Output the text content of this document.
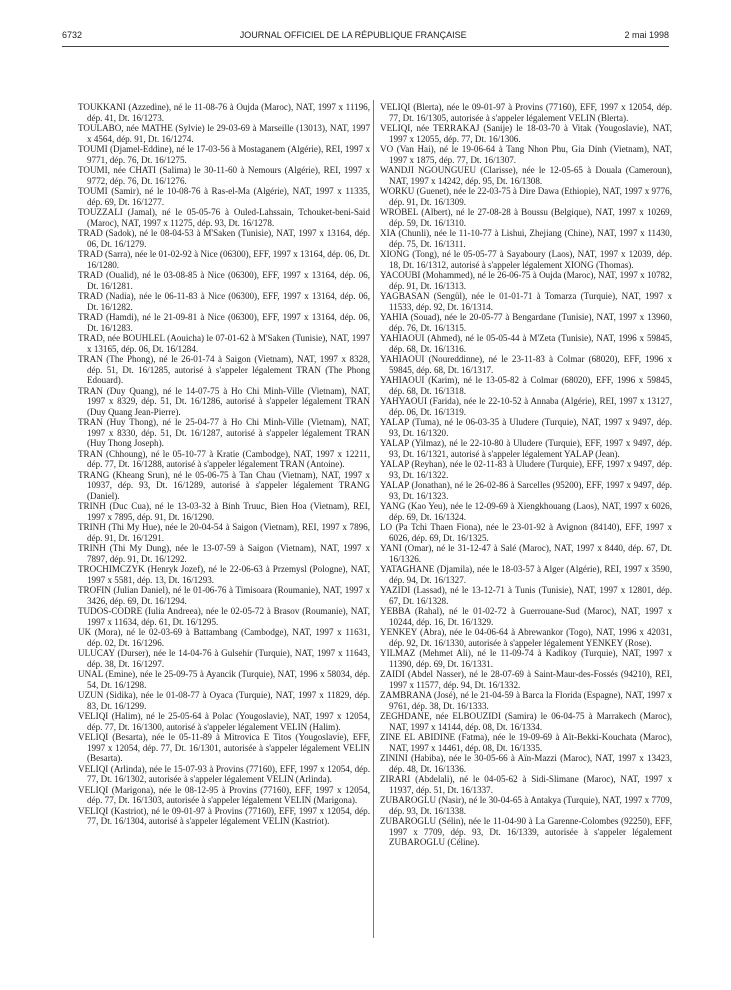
6732	JOURNAL OFFICIEL DE LA RÉPUBLIQUE FRANÇAISE	2 mai 1998

TOUKKANI (Azzedine), né le 11-08-76 à Oujda (Maroc), NAT, 1997 x 11196, dép. 41, Dt. 16/1273.

TOULABO, née MATHE (Sylvie) le 29-03-69 à Marseille (13013), NAT, 1997 x 4564, dép. 91, Dt. 16/1274.

TOUMI (Djamel-Eddine), né le 17-03-56 à Mostaganem (Algérie), REI, 1997 x 9771, dép. 76, Dt. 16/1275.

TOUMI, née CHATI (Salima) le 30-11-60 à Nemours (Algérie), REI, 1997 x 9772, dép. 76, Dt. 16/1276.

TOUMI (Samir), né le 10-08-76 à Ras-el-Ma (Algérie), NAT, 1997 x 11335, dép. 69, Dt. 16/1277.

TOUZZALI (Jamal), né le 05-05-76 à Ouled-Lahssain, Tchouket-beni-Said (Maroc), NAT, 1997 x 11275, dép. 93, Dt. 16/1278.

TRAD (Sadok), né le 08-04-53 à M'Saken (Tunisie), NAT, 1997 x 13164, dép. 06, Dt. 16/1279.

TRAD (Sarra), née le 01-02-92 à Nice (06300), EFF, 1997 x 13164, dép. 06, Dt. 16/1280.

TRAD (Oualid), né le 03-08-85 à Nice (06300), EFF, 1997 x 13164, dép. 06, Dt. 16/1281.

TRAD (Nadia), née le 06-11-83 à Nice (06300), EFF, 1997 x 13164, dép. 06, Dt. 16/1282.

TRAD (Hamdi), né le 21-09-81 à Nice (06300), EFF, 1997 x 13164, dép. 06, Dt. 16/1283.

TRAD, née BOUHLEL (Aouicha) le 07-01-62 à M'Saken (Tunisie), NAT, 1997 x 13165, dép. 06, Dt. 16/1284.

TRAN (The Phong), né le 26-01-74 à Saigon (Vietnam), NAT, 1997 x 8328, dép. 51, Dt. 16/1285, autorisé à s'appeler légalement TRAN (The Phong Edouard).

TRAN (Duy Quang), né le 14-07-75 à Ho Chi Minh-Ville (Vietnam), NAT, 1997 x 8329, dép. 51, Dt. 16/1286, autorisé à s'appeler légalement TRAN (Duy Quang Jean-Pierre).

TRAN (Huy Thong), né le 25-04-77 à Ho Chi Minh-Ville (Vietnam), NAT, 1997 x 8330, dép. 51, Dt. 16/1287, autorisé à s'appeler légalement TRAN (Huy Thong Joseph).

TRAN (Chhoung), né le 05-10-77 à Kratie (Cambodge), NAT, 1997 x 12211, dép. 77, Dt. 16/1288, autorisé à s'appeler légalement TRAN (Antoine).

TRANG (Kheang Srun), né le 05-06-75 à Tan Chau (Vietnam), NAT, 1997 x 10937, dép. 93, Dt. 16/1289, autorisé à s'appeler légalement TRANG (Daniel).

TRINH (Duc Cua), né le 13-03-32 à Binh Truuc, Bien Hoa (Vietnam), REI, 1997 x 7895, dép. 91, Dt. 16/1290.

TRINH (Thi My Hue), née le 20-04-54 à Saigon (Vietnam), REI, 1997 x 7896, dép. 91, Dt. 16/1291.

TRINH (Thi My Dung), née le 13-07-59 à Saigon (Vietnam), NAT, 1997 x 7897, dép. 91, Dt. 16/1292.

TROCHIMCZYK (Henryk Jozef), né le 22-06-63 à Przemysl (Pologne), NAT, 1997 x 5581, dép. 13, Dt. 16/1293.

TROFIN (Julian Daniel), né le 01-06-76 à Timisoara (Roumanie), NAT, 1997 x 3426, dép. 69, Dt. 16/1294.

TUDOS-CODRE (Iulia Andreea), née le 02-05-72 à Brasov (Roumanie), NAT, 1997 x 11634, dép. 61, Dt. 16/1295.

UK (Mora), né le 02-03-69 à Battambang (Cambodge), NAT, 1997 x 11631, dép. 02, Dt. 16/1296.

ULUCAY (Durser), née le 14-04-76 à Gulsehir (Turquie), NAT, 1997 x 11643, dép. 38, Dt. 16/1297.

UNAL (Emine), née le 25-09-75 à Ayancik (Turquie), NAT, 1996 x 58034, dép. 54, Dt. 16/1298.

UZUN (Sidika), née le 01-08-77 à Oyaca (Turquie), NAT, 1997 x 11829, dép. 83, Dt. 16/1299.

VELIQI (Halim), né le 25-05-64 à Polac (Yougoslavie), NAT, 1997 x 12054, dép. 77, Dt. 16/1300, autorisé à s'appeler légalement VELIN (Halim).

VELIQI (Besarta), née le 05-11-89 à Mitrovica E Titos (Yougoslavie), EFF, 1997 x 12054, dép. 77, Dt. 16/1301, autorisée à s'appeler légalement VELIN (Besarta).

VELIQI (Arlinda), née le 15-07-93 à Provins (77160), EFF, 1997 x 12054, dép. 77, Dt. 16/1302, autorisée à s'appeler légalement VELIN (Arlinda).

VELIQI (Marigona), née le 08-12-95 à Provins (77160), EFF, 1997 x 12054, dép. 77, Dt. 16/1303, autorisée à s'appeler légalement VELIN (Marigona).

VELIQI (Kastriot), né le 09-01-97 à Provins (77160), EFF, 1997 x 12054, dép. 77, Dt. 16/1304, autorisé à s'appeler légalement VELIN (Kastriot).

VELIQI (Blerta), née le 09-01-97 à Provins (77160), EFF, 1997 x 12054, dép. 77, Dt. 16/1305, autorisée à s'appeler légalement VELIN (Blerta).

VELIQI, née TERRAKAJ (Sanije) le 18-03-70 à Vitak (Yougoslavie), NAT, 1997 x 12055, dép. 77, Dt. 16/1306.

VO (Van Hai), né le 19-06-64 à Tang Nhon Phu, Gia Dinh (Vietnam), NAT, 1997 x 1875, dép. 77, Dt. 16/1307.

WANDJI NGOUNGUEU (Clarisse), née le 12-05-65 à Douala (Cameroun), NAT, 1997 x 14242, dép. 95, Dt. 16/1308.

WORKU (Guenet), née le 22-03-75 à Dire Dawa (Ethiopie), NAT, 1997 x 9776, dép. 91, Dt. 16/1309.

WROBEL (Albert), né le 27-08-28 à Boussu (Belgique), NAT, 1997 x 10269, dép. 59, Dt. 16/1310.

XIA (Chunli), née le 11-10-77 à Lishui, Zhejiang (Chine), NAT, 1997 x 11430, dép. 75, Dt. 16/1311.

XIONG (Tong), né le 05-05-77 à Sayaboury (Laos), NAT, 1997 x 12039, dép. 18, Dt. 16/1312, autorisé à s'appeler légalement XIONG (Thomas).

YACOUBI (Mohammed), né le 26-06-75 à Oujda (Maroc), NAT, 1997 x 10782, dép. 91, Dt. 16/1313.

YAGBASAN (Sengül), née le 01-01-71 à Tomarza (Turquie), NAT, 1997 x 11533, dép. 92, Dt. 16/1314.

YAHIA (Souad), née le 20-05-77 à Bengardane (Tunisie), NAT, 1997 x 13960, dép. 76, Dt. 16/1315.

YAHIAOUI (Ahmed), né le 05-05-44 à M'Zeta (Tunisie), NAT, 1996 x 59845, dép. 68, Dt. 16/1316.

YAHIAOUI (Noureddinne), né le 23-11-83 à Colmar (68020), EFF, 1996 x 59845, dép. 68, Dt. 16/1317.

YAHIAOUI (Karim), né le 13-05-82 à Colmar (68020), EFF, 1996 x 59845, dép. 68, Dt. 16/1318.

YAHYAOUI (Farida), née le 22-10-52 à Annaba (Algérie), REI, 1997 x 13127, dép. 06, Dt. 16/1319.

YALAP (Tuma), né le 06-03-35 à Uludere (Turquie), NAT, 1997 x 9497, dép. 93, Dt. 16/1320.

YALAP (Yilmaz), né le 22-10-80 à Uludere (Turquie), EFF, 1997 x 9497, dép. 93, Dt. 16/1321, autorisé à s'appeler légalement YALAP (Jean).

YALAP (Reyhan), née le 02-11-83 à Uludere (Turquie), EFF, 1997 x 9497, dép. 93, Dt. 16/1322.

YALAP (Jonathan), né le 26-02-86 à Sarcelles (95200), EFF, 1997 x 9497, dép. 93, Dt. 16/1323.

YANG (Kao Yeu), née le 12-09-69 à Xiengkhouang (Laos), NAT, 1997 x 6026, dép. 69, Dt. 16/1324.

LO (Pa Tchi Thaen Fiona), née le 23-01-92 à Avignon (84140), EFF, 1997 x 6026, dép. 69, Dt. 16/1325.

YANI (Omar), né le 31-12-47 à Salé (Maroc), NAT, 1997 x 8440, dép. 67, Dt. 16/1326.

YATAGHANE (Djamila), née le 18-03-57 à Alger (Algérie), REI, 1997 x 3590, dép. 94, Dt. 16/1327.

YAZIDI (Lassad), né le 13-12-71 à Tunis (Tunisie), NAT, 1997 x 12801, dép. 67, Dt. 16/1328.

YEBBA (Rahal), né le 01-02-72 à Guerrouane-Sud (Maroc), NAT, 1997 x 10244, dép. 16, Dt. 16/1329.

YENKEY (Abra), née le 04-06-64 à Abrewankor (Togo), NAT, 1996 x 42031, dép. 92, Dt. 16/1330, autorisée à s'appeler légalement YENKEY (Rose).

YILMAZ (Mehmet Ali), né le 11-09-74 à Kadikoy (Turquie), NAT, 1997 x 11390, dép. 69, Dt. 16/1331.

ZAIDI (Abdel Nasser), né le 28-07-69 à Saint-Maur-des-Fossés (94210), REI, 1997 x 11577, dép. 94, Dt. 16/1332.

ZAMBRANA (José), né le 21-04-59 à Barca la Florida (Espagne), NAT, 1997 x 9761, dép. 38, Dt. 16/1333.

ZEGHDANE, née ELBOUZIDI (Samira) le 06-04-75 à Marrakech (Maroc), NAT, 1997 x 14144, dép. 08, Dt. 16/1334.

ZINE EL ABIDINE (Fatma), née le 19-09-69 à Aït-Bekki-Kouchata (Maroc), NAT, 1997 x 14461, dép. 08, Dt. 16/1335.

ZININI (Habiba), née le 30-05-66 à Aïn-Mazzi (Maroc), NAT, 1997 x 13423, dép. 48, Dt. 16/1336.

ZIRARI (Abdelali), né le 04-05-62 à Sidi-Slimane (Maroc), NAT, 1997 x 11937, dép. 51, Dt. 16/1337.

ZUBAROGLU (Nasir), né le 30-04-65 à Antakya (Turquie), NAT, 1997 x 7709, dép. 93, Dt. 16/1338.

ZUBAROGLU (Sélin), née le 11-04-90 à La Garenne-Colombes (92250), EFF, 1997 x 7709, dép. 93, Dt. 16/1339, autorisée à s'appeler légalement ZUBAROGLU (Céline).
